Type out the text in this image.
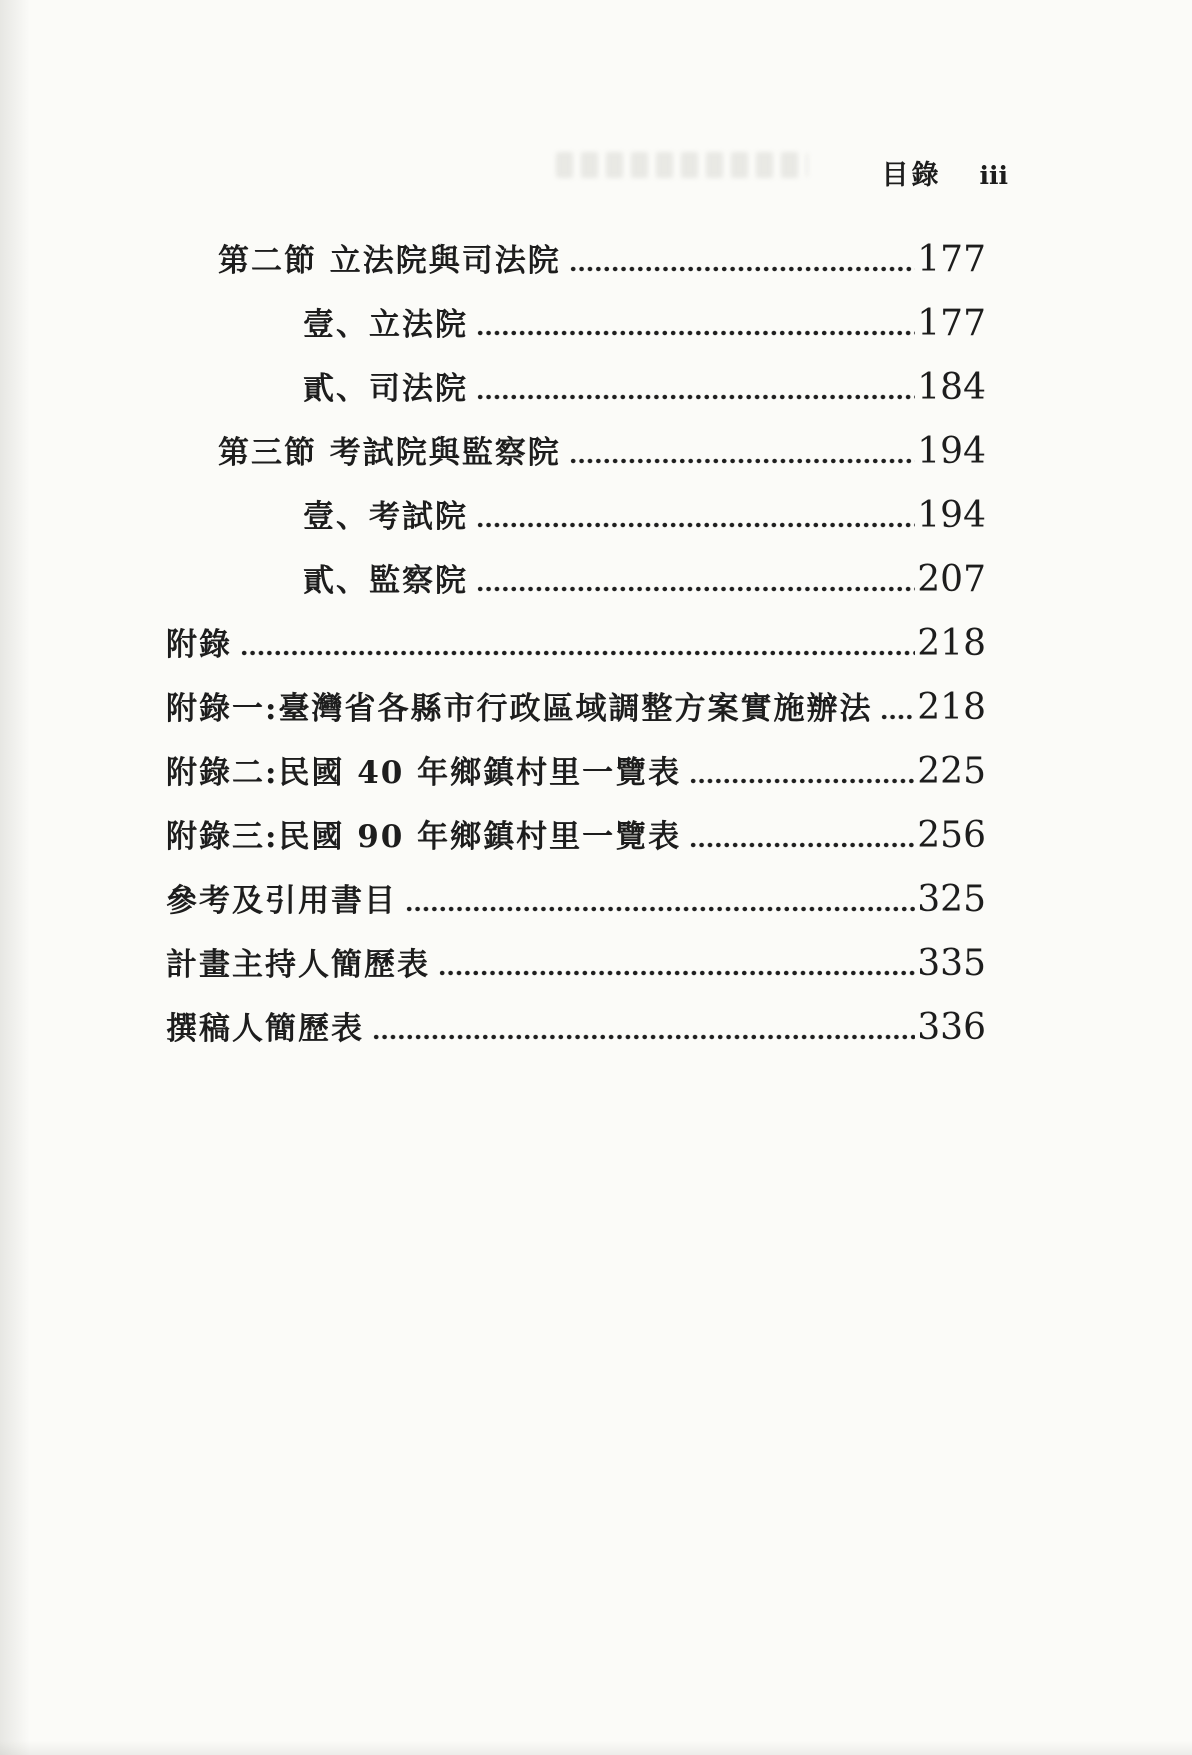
目錄 iii
第二節 立法院與司法院	177
壹、立法院	177
貳、司法院	184
第三節 考試院與監察院	194
壹、考試院	194
貳、監察院	207
附錄	218
附錄一:臺灣省各縣市行政區域調整方案實施辦法 218
附錄二:民國 40 年鄉鎮村里一覽表	225
附錄三:民國 90 年鄉鎮村里一覽表	256
參考及引用書目	325
計畫主持人簡歷表	335
撰稿人簡歷表	336
